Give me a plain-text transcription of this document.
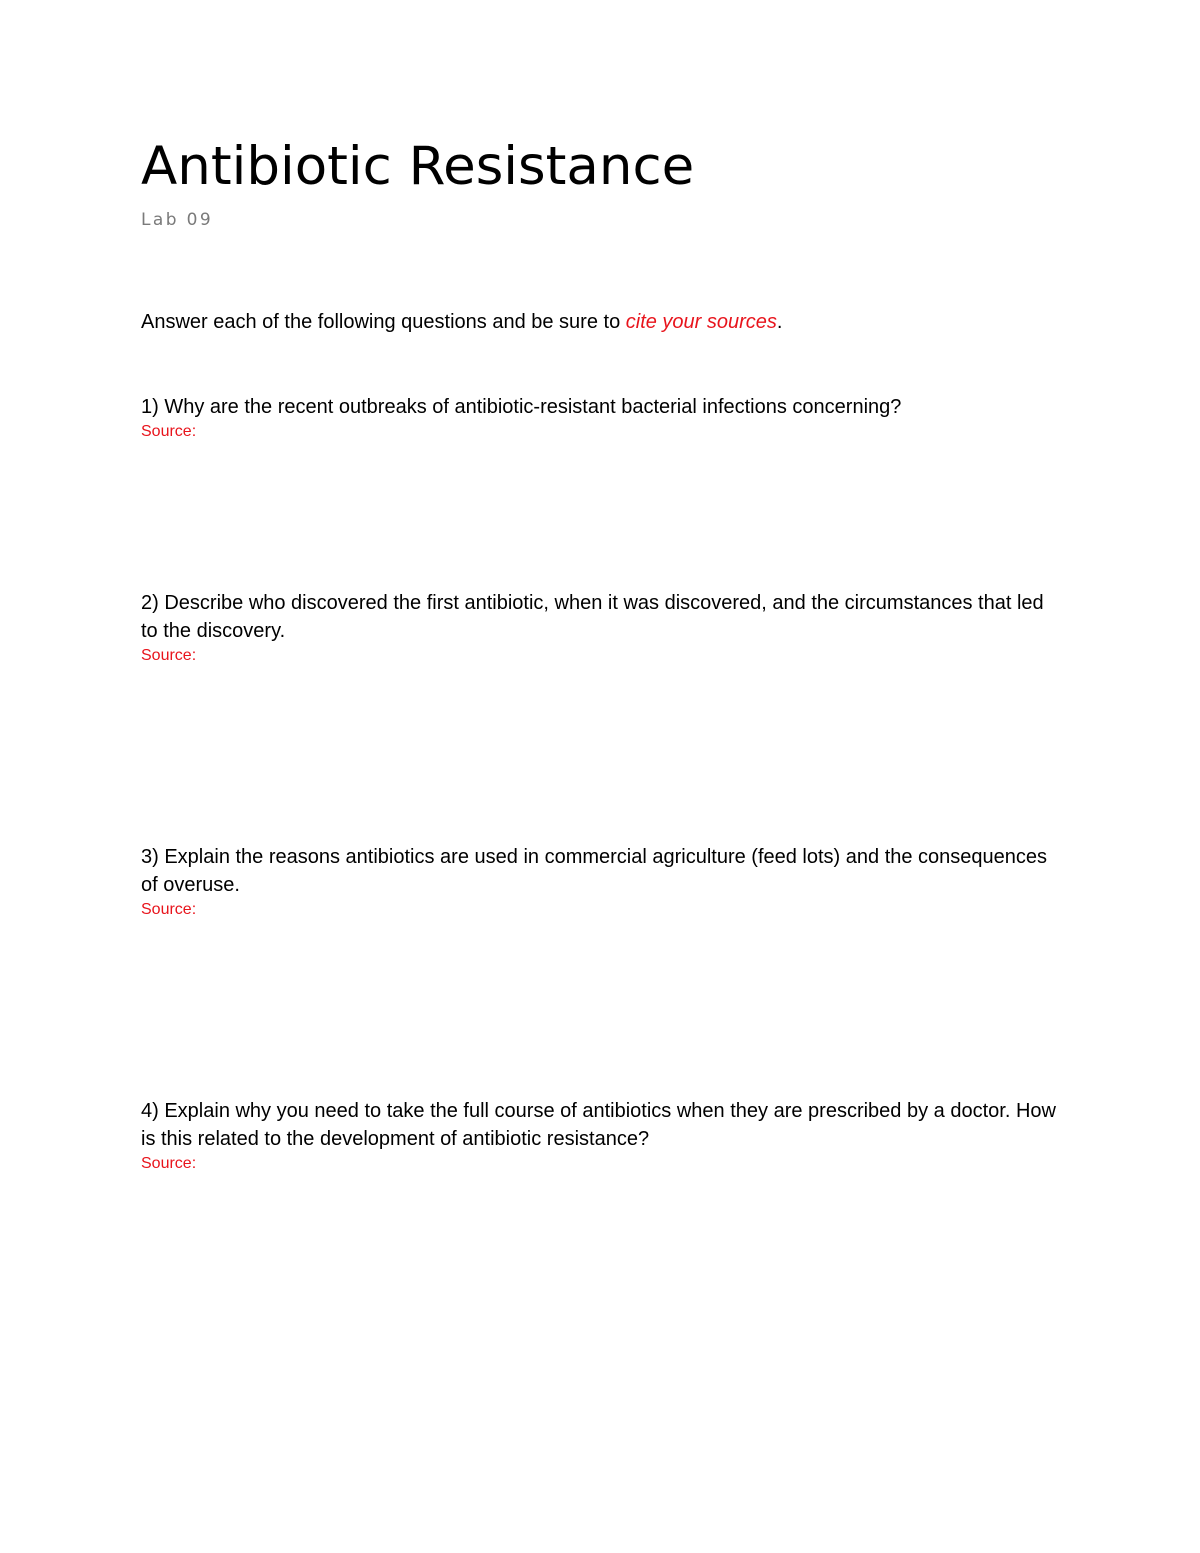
Antibiotic Resistance
Lab 09
Answer each of the following questions and be sure to cite your sources.
1) Why are the recent outbreaks of antibiotic-resistant bacterial infections concerning?
Source:
2) Describe who discovered the first antibiotic, when it was discovered, and the circumstances that led to the discovery.
Source:
3) Explain the reasons antibiotics are used in commercial agriculture (feed lots) and the consequences of overuse.
Source:
4) Explain why you need to take the full course of antibiotics when they are prescribed by a doctor. How is this related to the development of antibiotic resistance?
Source:
